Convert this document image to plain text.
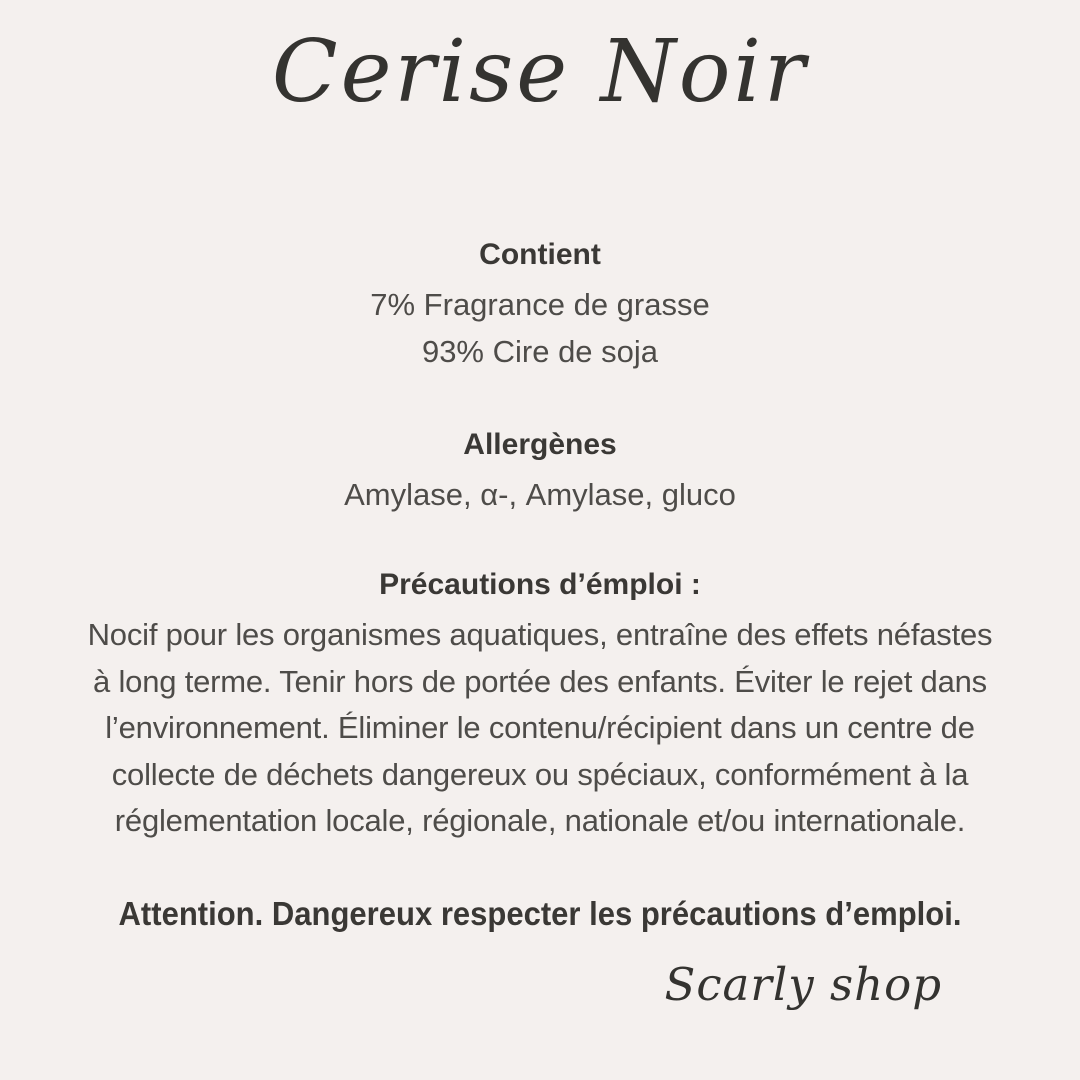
Cerise Noir
Contient

7% Fragrance de grasse

93% Cire de soja

Allergènes

Amylase, α-, Amylase, gluco

Précautions d’émploi :
Nocif pour les organismes aquatiques, entraîne des effets néfastes
à long terme. Tenir hors de portée des enfants. Éviter le rejet dans
l’environnement. Éliminer le contenu/récipient dans un centre de
collecte de déchets dangereux ou spéciaux, conformément à la
réglementation locale, régionale, nationale et/ou internationale.
Attention. Dangereux respecter les précautions d’emploi.
Scarly shop
